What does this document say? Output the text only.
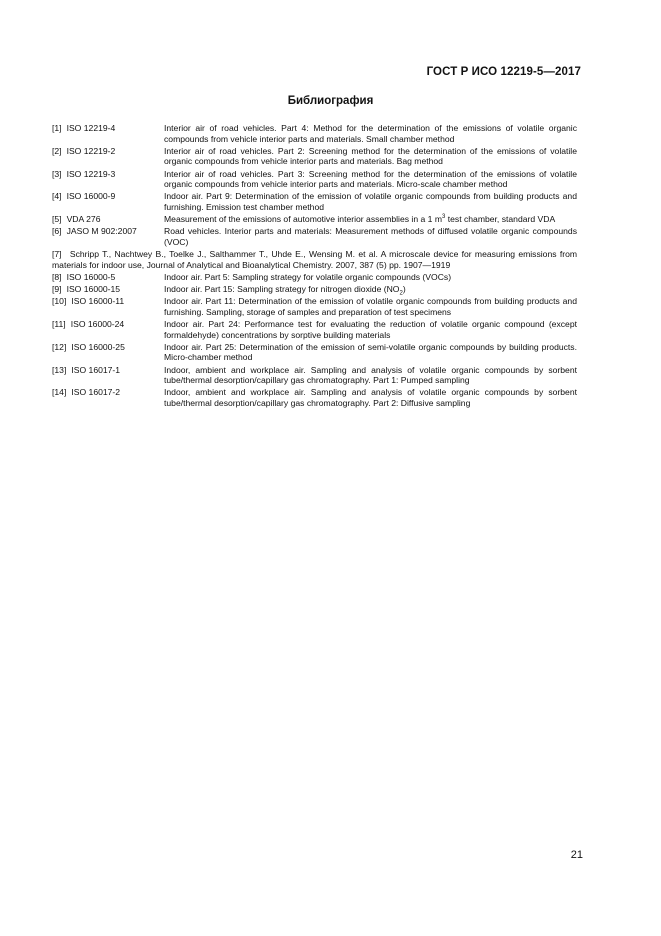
ГОСТ Р ИСО 12219-5—2017
Библиография
[1] ISO 12219-4	Interior air of road vehicles. Part 4: Method for the determination of the emissions of volatile organic compounds from vehicle interior parts and materials. Small chamber method
[2] ISO 12219-2	Interior air of road vehicles. Part 2: Screening method for the determination of the emissions of volatile organic compounds from vehicle interior parts and materials. Bag method
[3] ISO 12219-3	Interior air of road vehicles. Part 3: Screening method for the determination of the emissions of volatile organic compounds from vehicle interior parts and materials. Micro-scale chamber method
[4] ISO 16000-9	Indoor air. Part 9: Determination of the emission of volatile organic compounds from building products and furnishing. Emission test chamber method
[5] VDA 276	Measurement of the emissions of automotive interior assemblies in a 1 $m^3$ test chamber, standard VDA
[6] JASO M 902:2007	Road vehicles. Interior parts and materials: Measurement methods of diffused volatile organic compounds (VOC)
[7] Schripp T., Nachtwey B., Toelke J., Salthammer T., Uhde E., Wensing M. et al. A microscale device for measuring emissions from materials for indoor use, Journal of Analytical and Bioanalytical Chemistry. 2007, 387 (5) pp. 1907—1919
[8] ISO 16000-5	Indoor air. Part 5: Sampling strategy for volatile organic compounds (VOCs)
[9] ISO 16000-15	Indoor air. Part 15: Sampling strategy for nitrogen dioxide $(NO_2)$
[10] ISO 16000-11	Indoor air. Part 11: Determination of the emission of volatile organic compounds from building products and furnishing. Sampling, storage of samples and preparation of test specimens
[11] ISO 16000-24	Indoor air. Part 24: Performance test for evaluating the reduction of volatile organic compound (except formaldehyde) concentrations by sorptive building materials
[12] ISO 16000-25	Indoor air. Part 25: Determination of the emission of semi-volatile organic compounds by building products. Micro-chamber method
[13] ISO 16017-1	Indoor, ambient and workplace air. Sampling and analysis of volatile organic compounds by sorbent tube/thermal desorption/capillary gas chromatography. Part 1: Pumped sampling
[14] ISO 16017-2	Indoor, ambient and workplace air. Sampling and analysis of volatile organic compounds by sorbent tube/thermal desorption/capillary gas chromatography. Part 2: Diffusive sampling
21
